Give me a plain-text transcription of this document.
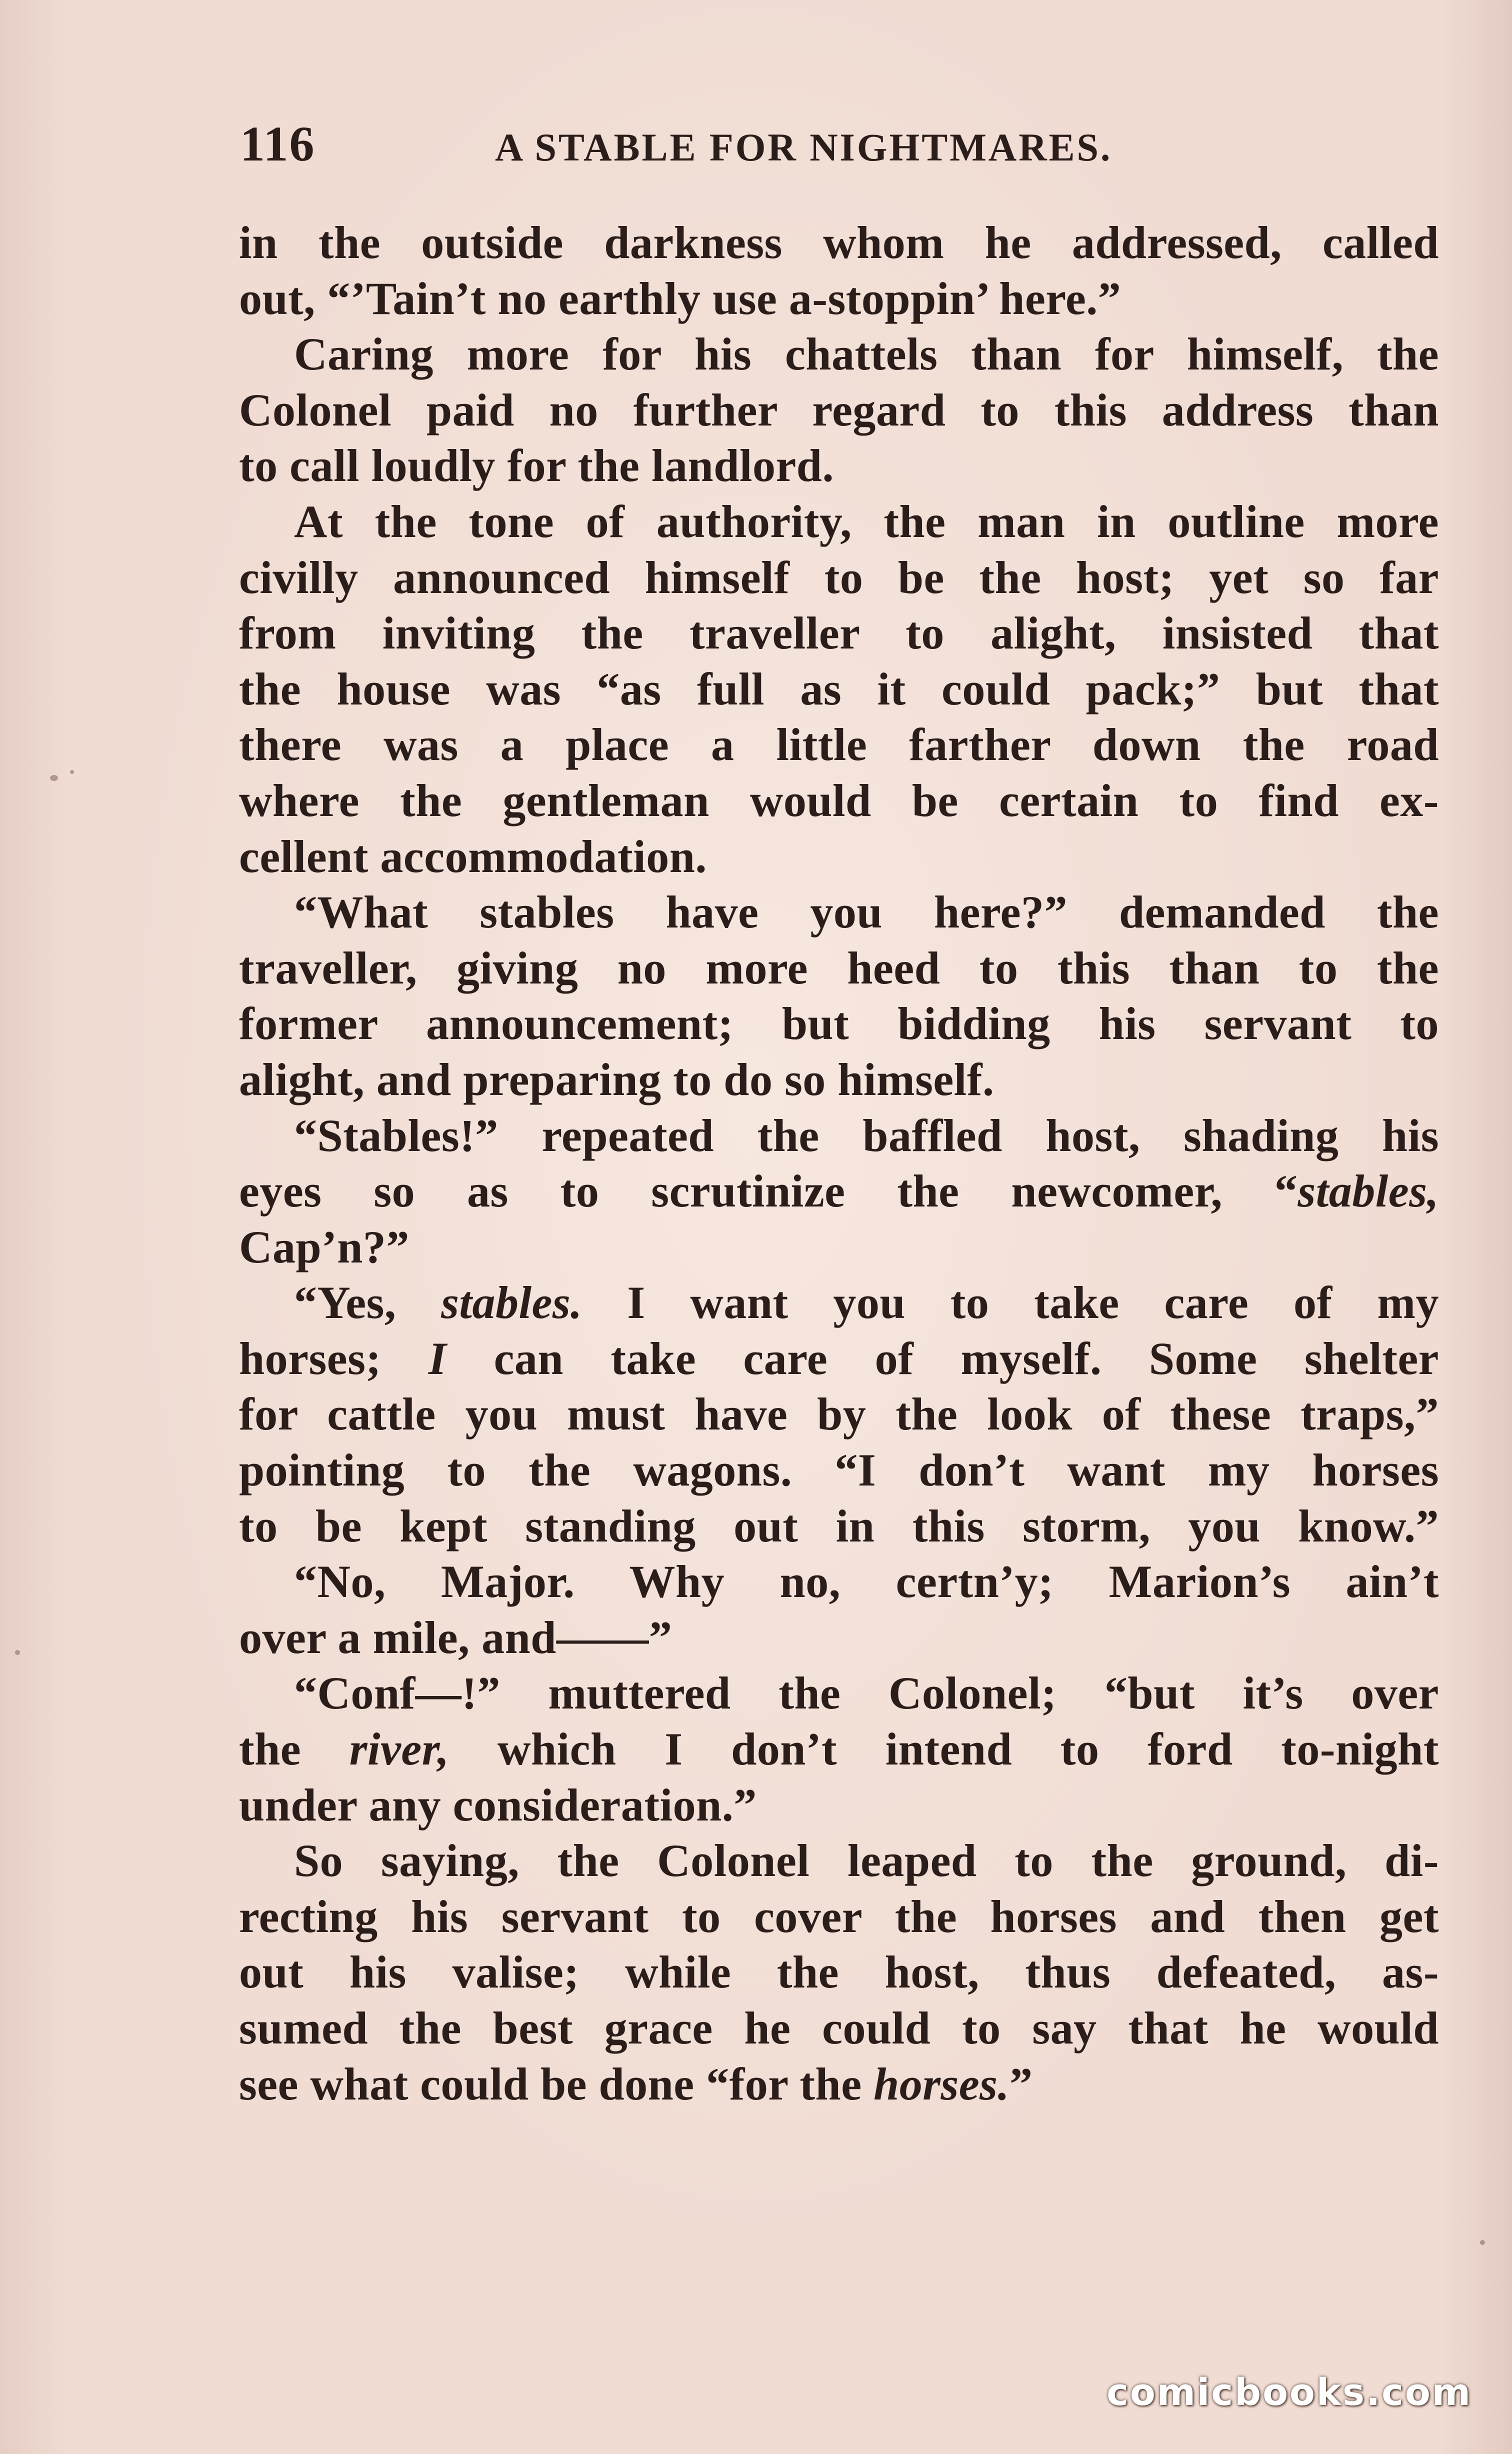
116	A STABLE FOR NIGHTMARES.
in the outside darkness whom he addressed, called
out, “’Tain’t no earthly use a-stoppin’ here.”
Caring more for his chattels than for himself, the
Colonel paid no further regard to this address than
to call loudly for the landlord.
At the tone of authority, the man in outline more
civilly announced himself to be the host; yet so far
from inviting the traveller to alight, insisted that
the house was “as full as it could pack;” but that
there was a place a little farther down the road
where the gentleman would be certain to find ex-
cellent accommodation.
“What stables have you here?” demanded the
traveller, giving no more heed to this than to the
former announcement; but bidding his servant to
alight, and preparing to do so himself.
“Stables!” repeated the baffled host, shading his
eyes so as to scrutinize the newcomer, “stables,
Cap’n?”
“Yes, stables. I want you to take care of my
horses; I can take care of myself. Some shelter
for cattle you must have by the look of these traps,”
pointing to the wagons. “I don’t want my horses
to be kept standing out in this storm, you know.”
“No, Major. Why no, certn’y; Marion’s ain’t
over a mile, and——”
“Conf—!” muttered the Colonel; “but it’s over
the river, which I don’t intend to ford to-night
under any consideration.”
So saying, the Colonel leaped to the ground, di-
recting his servant to cover the horses and then get
out his valise; while the host, thus defeated, as-
sumed the best grace he could to say that he would
see what could be done “for the horses.”
comicbooks.com
